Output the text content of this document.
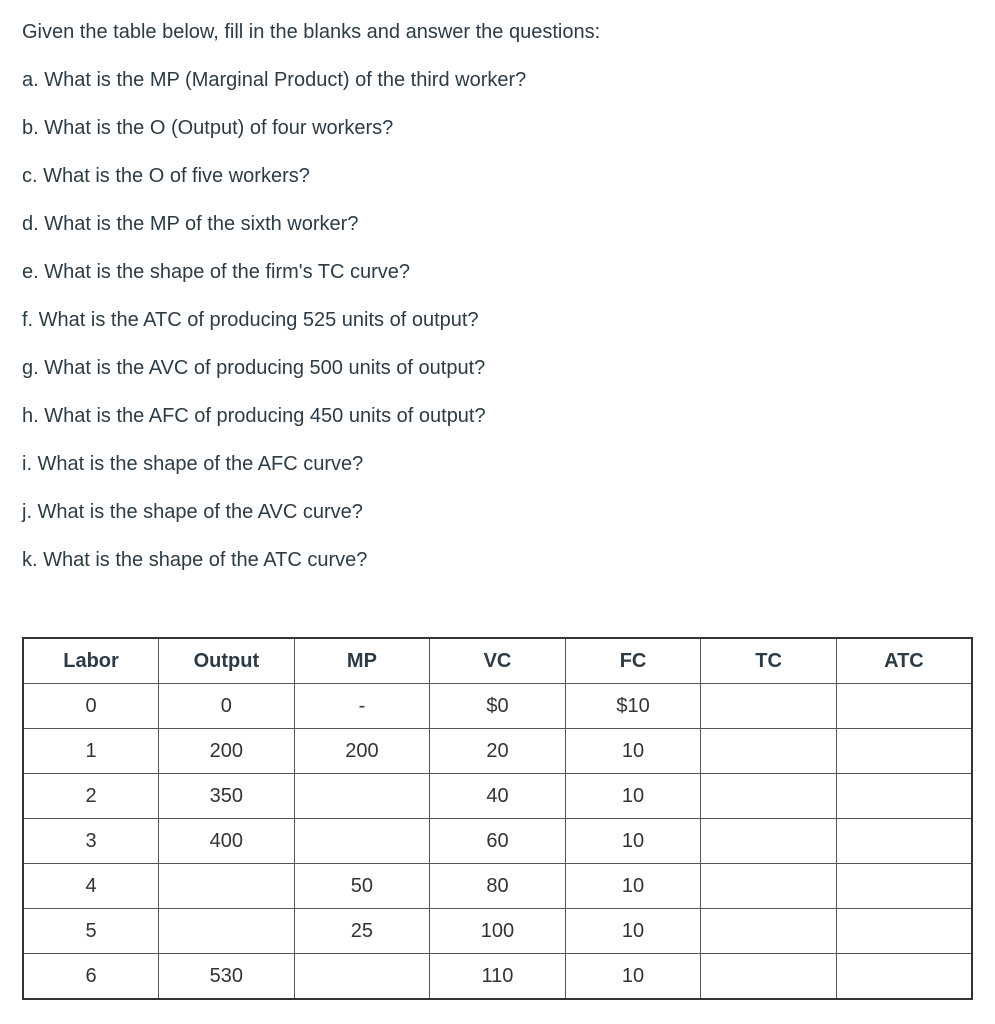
Given the table below, fill in the blanks and answer the questions:

a. What is the MP (Marginal Product) of the third worker?
b. What is the O (Output) of four workers?
c. What is the O of five workers?
d. What is the MP of the sixth worker?
e. What is the shape of the firm's TC curve?
f. What is the ATC of producing 525 units of output?
g. What is the AVC of producing 500 units of output?
h. What is the AFC of producing 450 units of output?
i. What is the shape of the AFC curve?
j. What is the shape of the AVC curve?
k. What is the shape of the ATC curve?
Labor	Output	MP	VC	FC	TC	ATC
0	0	-	$0	$10		
1	200	200	20	10		
2	350		40	10		
3	400		60	10		
4		50	80	10		
5		25	100	10		
6	530		110	10		
